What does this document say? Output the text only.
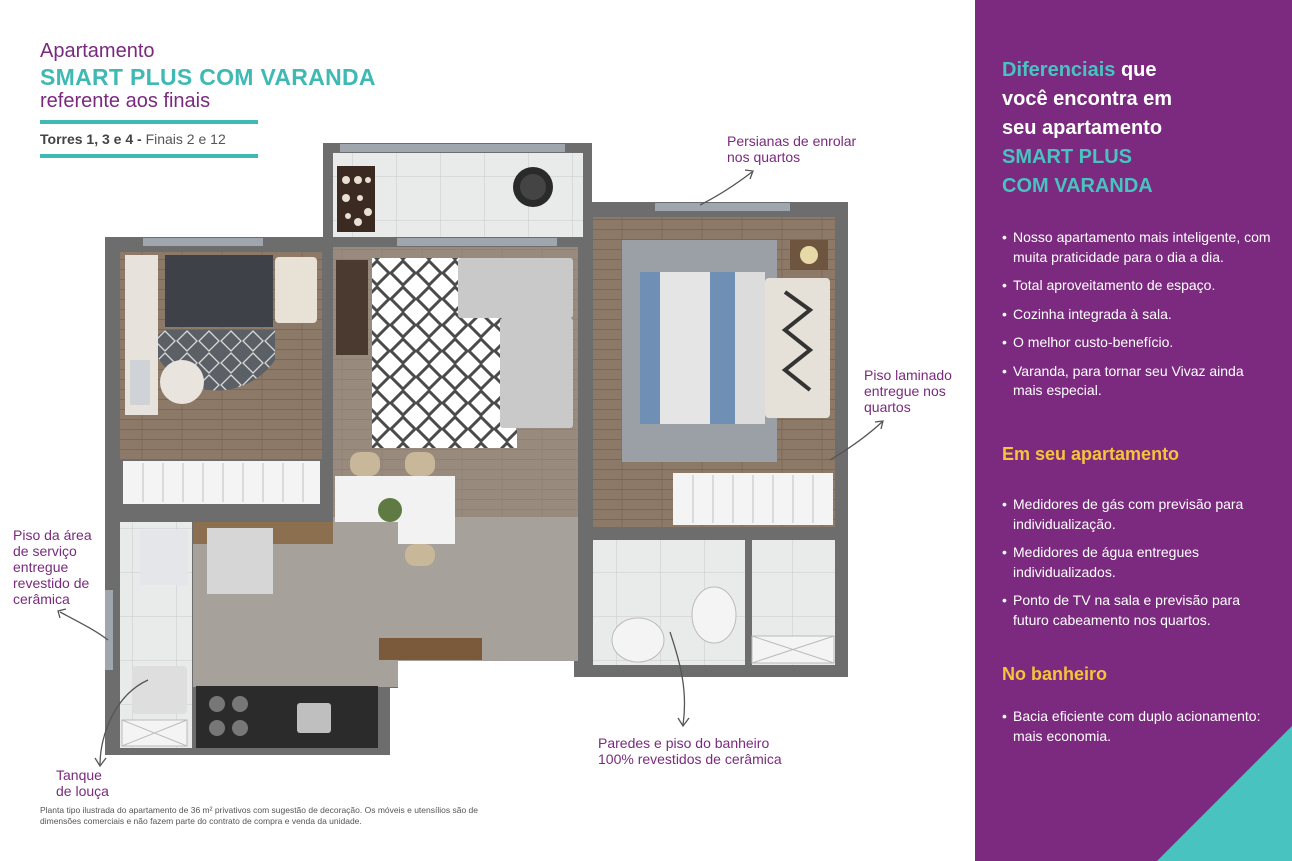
Apartamento
SMART PLUS COM VARANDA
referente aos finais
Torres 1, 3 e 4 - Finais 2 e 12	Persianas de enrolar
nos quartos
Piso laminado
entregue nos
quartos
Piso da área
de serviço
entregue
revestido de
cerâmica
Tanque
de louça
Paredes e piso do banheiro
100% revestidos de cerâmica
Planta tipo ilustrada do apartamento de 36 m² privativos com sugestão de decoração. Os móveis e utensílios são de dimensões comerciais e não fazem parte do contrato de compra e venda da unidade.
Diferenciais que
você encontra em
seu apartamento
SMART PLUS
COM VARANDA
• Nosso apartamento mais inteligente, com muita praticidade para o dia a dia.
• Total aproveitamento de espaço.
• Cozinha integrada à sala.
• O melhor custo-benefício.
• Varanda, para tornar seu Vivaz ainda mais especial.
Em seu apartamento
• Medidores de gás com previsão para individualização.
• Medidores de água entregues individualizados.
• Ponto de TV na sala e previsão para futuro cabeamento nos quartos.
No banheiro
• Bacia eficiente com duplo acionamento: mais economia.
